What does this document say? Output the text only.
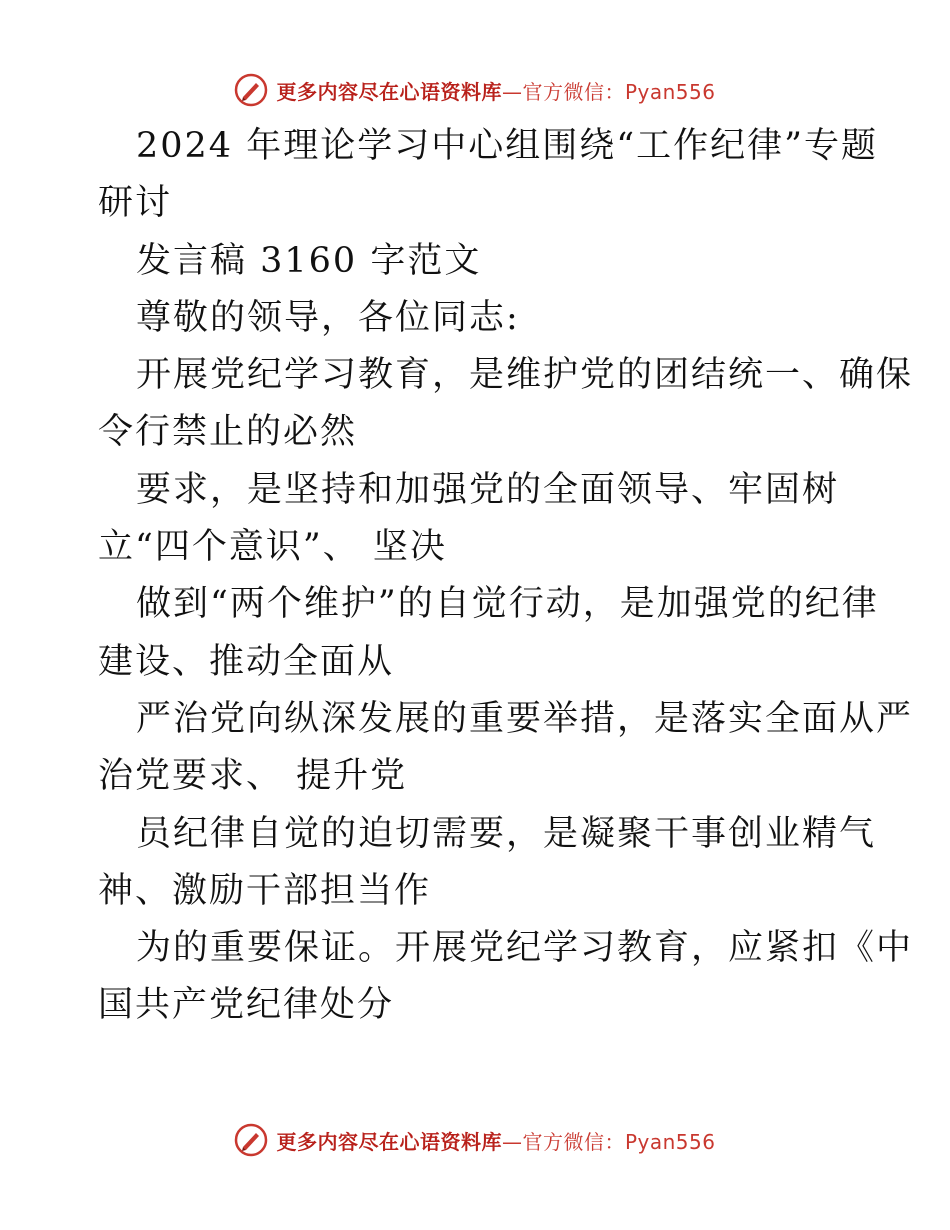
更多内容尽在心语资料库—官方微信：Pyan556
2024 年理论学习中心组围绕“工作纪律”专题
研讨
发言稿 3160 字范文
尊敬的领导，各位同志:
开展党纪学习教育，是维护党的团结统一、确保
令行禁止的必然
要求，是坚持和加强党的全面领导、牢固树
立“四个意识”、 坚决
做到“两个维护”的自觉行动，是加强党的纪律
建设、推动全面从
严治党向纵深发展的重要举措，是落实全面从严
治党要求、 提升党
员纪律自觉的迫切需要，是凝聚干事创业精气
神、激励干部担当作
为的重要保证。开展党纪学习教育，应紧扣《中
国共产党纪律处分
更多内容尽在心语资料库—官方微信：Pyan556
